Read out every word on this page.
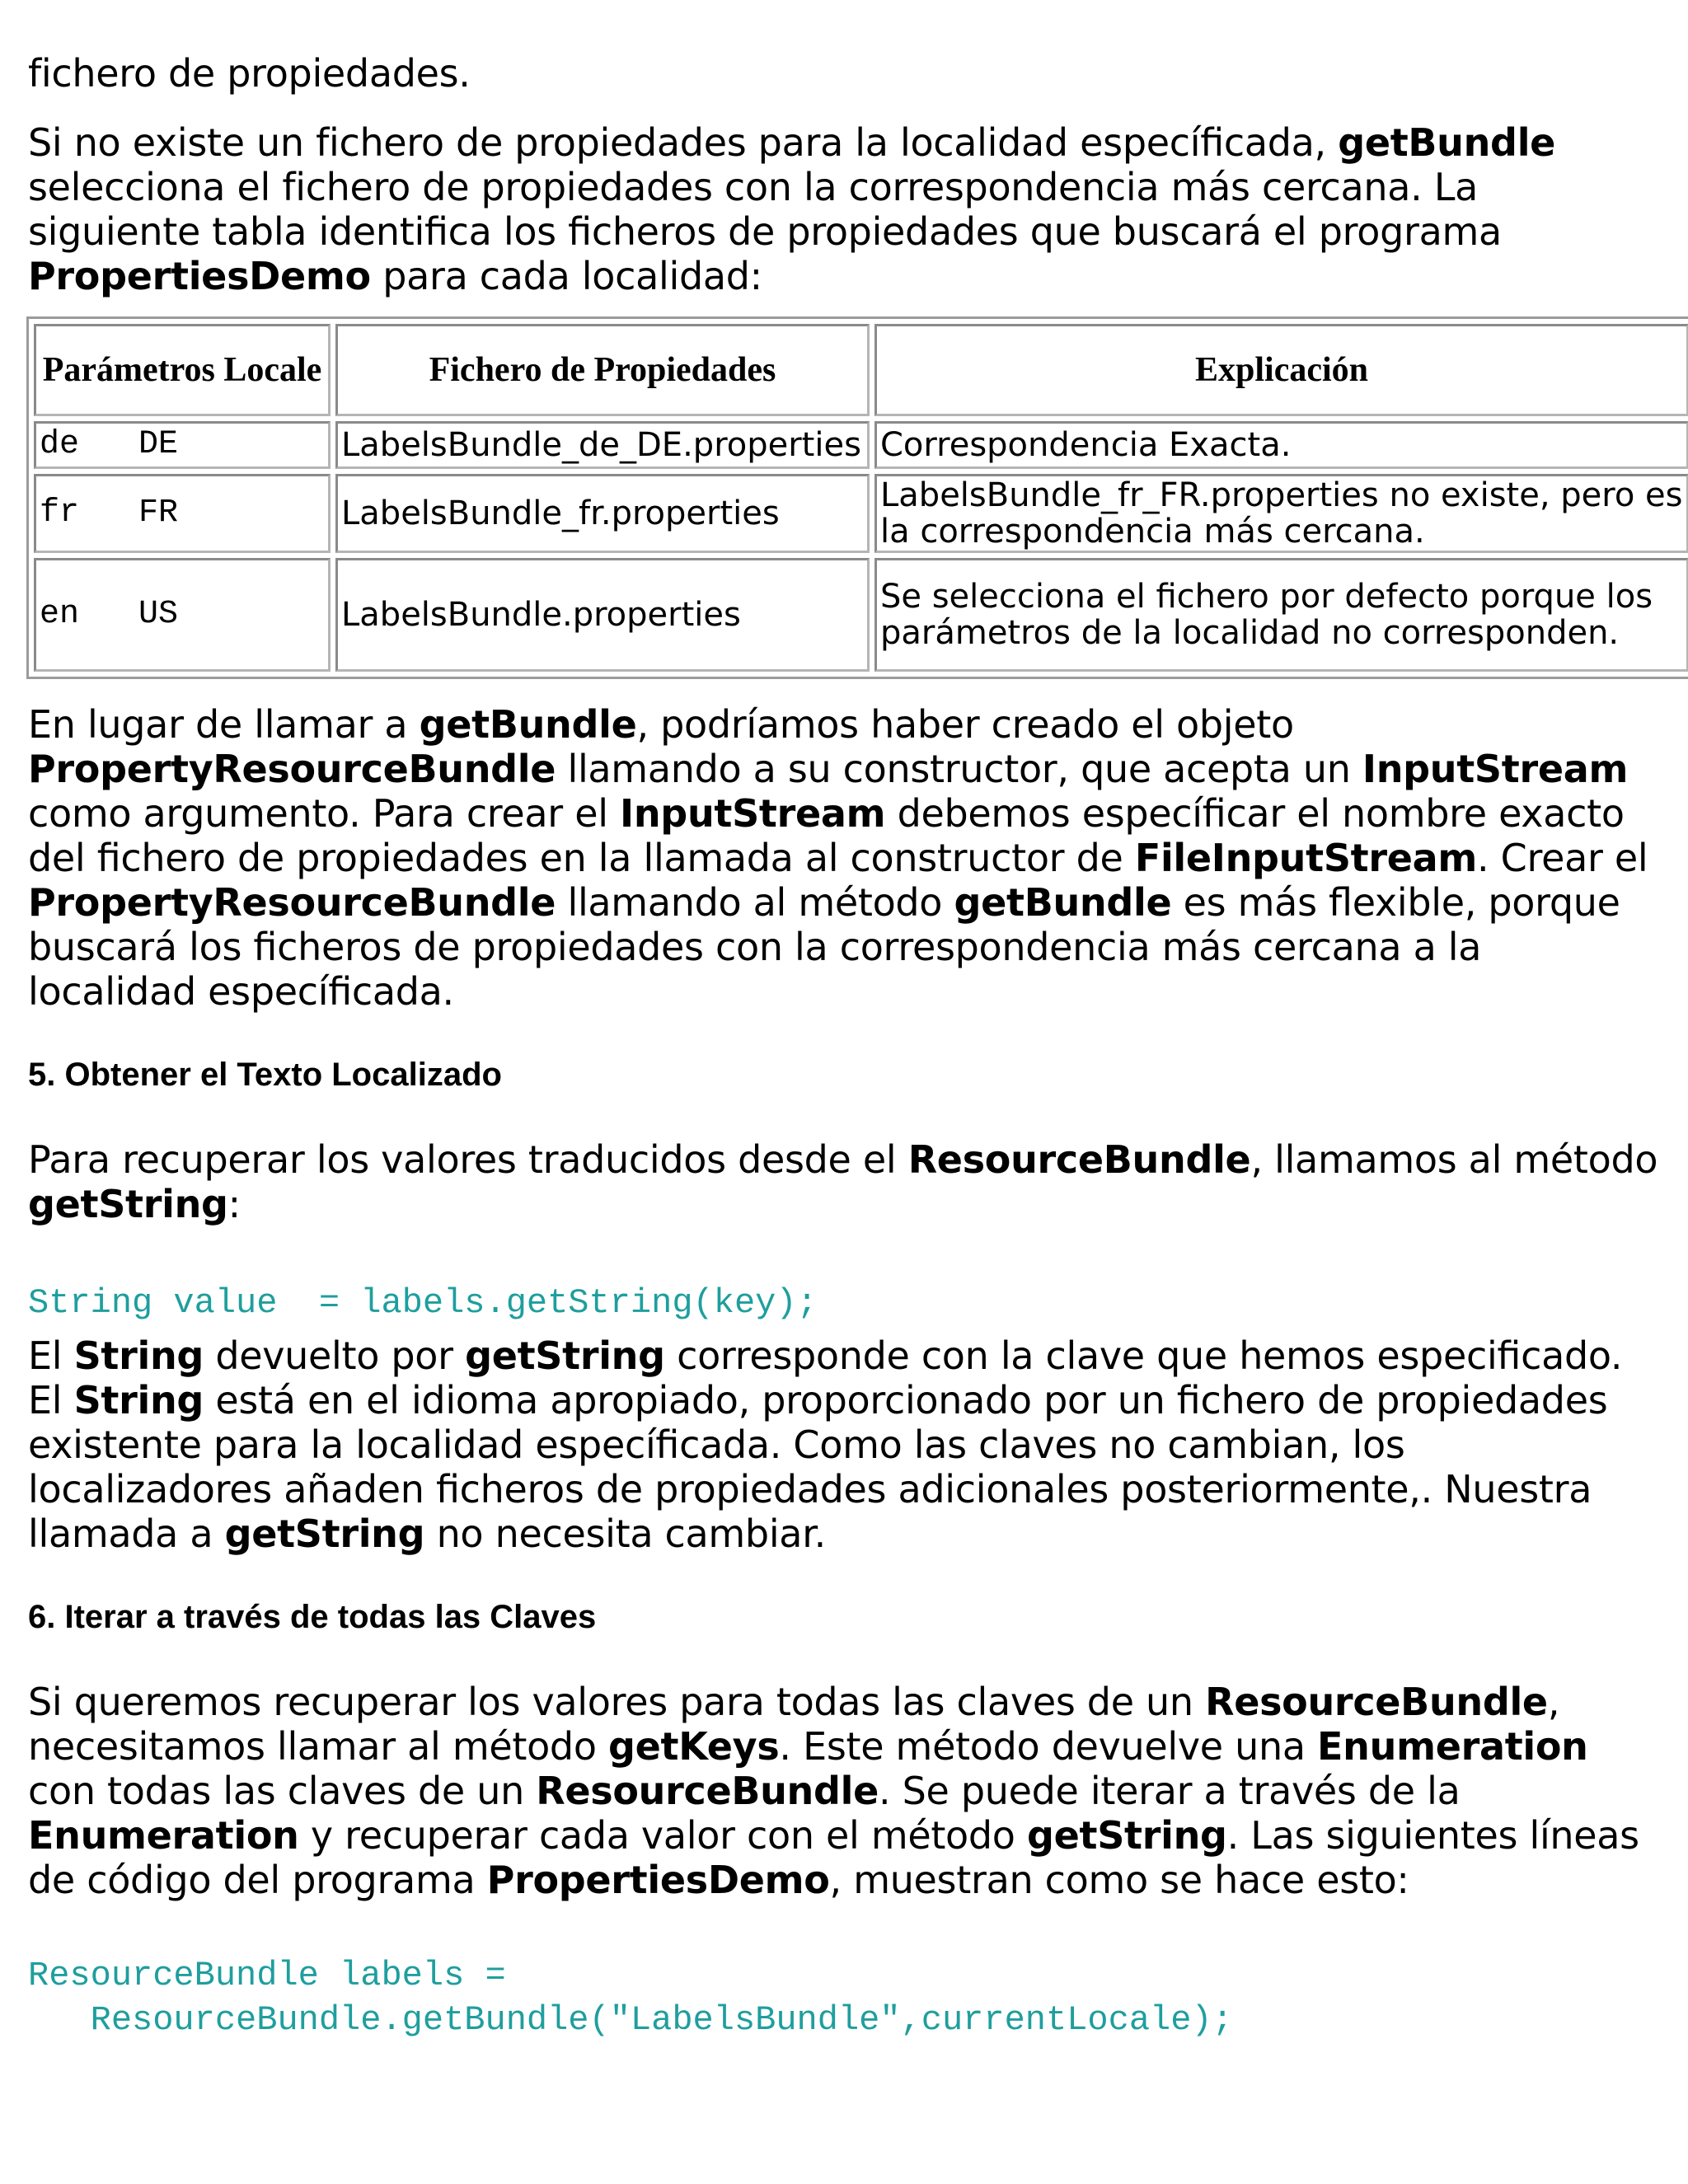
fichero de propiedades.

Si no existe un fichero de propiedades para la localidad especíﬁcada, getBundle selecciona el fichero de propiedades con la correspondencia más cercana. La siguiente tabla identiﬁca los ﬁcheros de propiedades que buscará el programa PropertiesDemo para cada localidad:

Parámetros Locale	Fichero de Propiedades	Explicación
de   DE	LabelsBundle_de_DE.properties	Correspondencia Exacta.
fr   FR	LabelsBundle_fr.properties	LabelsBundle_fr_FR.properties no existe, pero es la correspondencia más cercana.
en   US	LabelsBundle.properties	Se selecciona el ﬁchero por defecto porque los parámetros de la localidad no corresponden.

En lugar de llamar a getBundle, podríamos haber creado el objeto PropertyResourceBundle llamando a su constructor, que acepta un InputStream como argumento. Para crear el InputStream debemos especíﬁcar el nombre exacto del ﬁchero de propiedades en la llamada al constructor de FileInputStream. Crear el PropertyResourceBundle llamando al método getBundle es más ﬂexible, porque buscará los ﬁcheros de propiedades con la correspondencia más cercana a la localidad especíﬁcada.

5. Obtener el Texto Localizado

Para recuperar los valores traducidos desde el ResourceBundle, llamamos al método getString:

String value  = labels.getString(key);

El String devuelto por getString corresponde con la clave que hemos especiﬁcado. El String está en el idioma apropiado, proporcionado por un ﬁchero de propiedades existente para la localidad especíﬁcada. Como las claves no cambian, los localizadores añaden ﬁcheros de propiedades adicionales posteriormente,. Nuestra llamada a getString no necesita cambiar.

6. Iterar a través de todas las Claves

Si queremos recuperar los valores para todas las claves de un ResourceBundle, necesitamos llamar al método getKeys. Este método devuelve una Enumeration con todas las claves de un ResourceBundle. Se puede iterar a través de la Enumeration y recuperar cada valor con el método getString. Las siguientes líneas de código del programa PropertiesDemo, muestran como se hace esto:

ResourceBundle labels =

ResourceBundle.getBundle("LabelsBundle",currentLocale);
